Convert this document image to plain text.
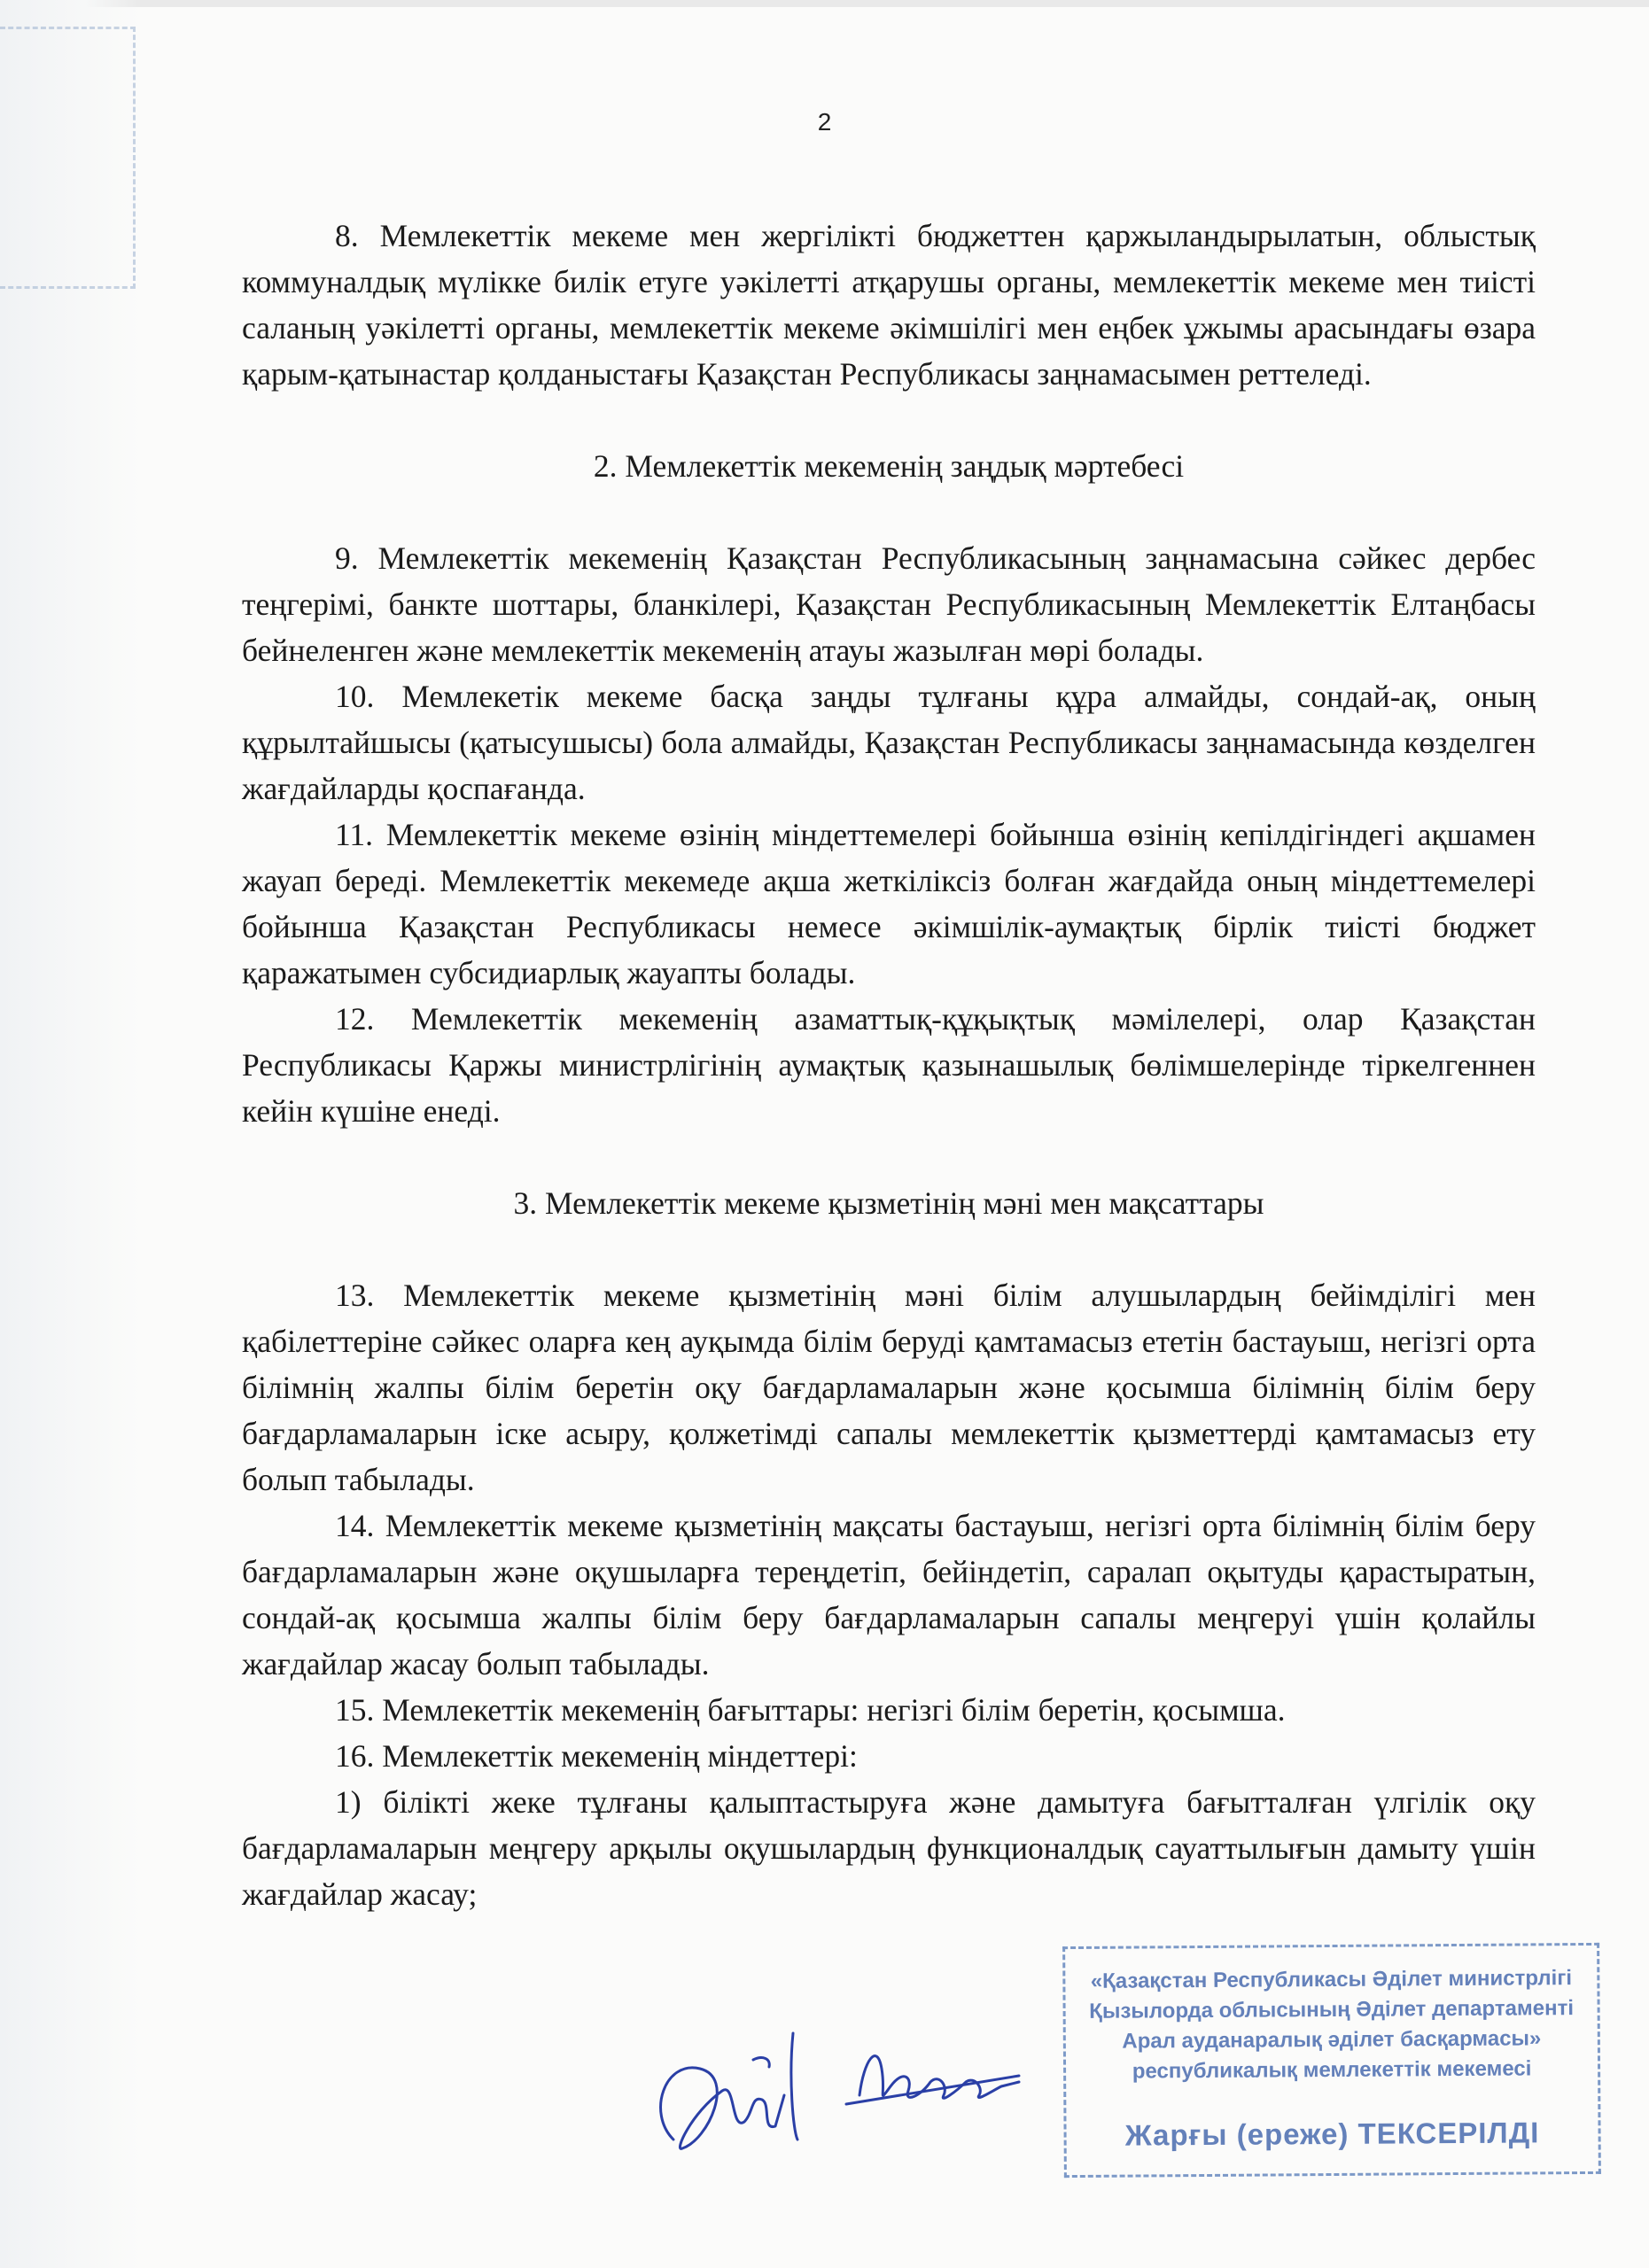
2

8. Мемлекеттік мекеме мен жергілікті бюджеттен қаржыландырылатын, облыстық коммуналдық мүлікке билік етуге уәкілетті атқарушы органы, мемлекеттік мекеме мен тиісті саланың уәкілетті органы, мемлекеттік мекеме әкімшілігі мен еңбек ұжымы арасындағы өзара қарым-қатынастар қолданыстағы Қазақстан Республикасы заңнамасымен реттеледі.

2. Мемлекеттік мекеменің заңдық мәртебесі

9. Мемлекеттік мекеменің Қазақстан Республикасының заңнамасына сәйкес дербес теңгерімі, банкте шоттары, бланкілері, Қазақстан Республикасының Мемлекеттік Елтаңбасы бейнеленген және мемлекеттік мекеменің атауы жазылған мөрі болады.

10. Мемлекетік мекеме басқа заңды тұлғаны құра алмайды, сондай-ақ, оның құрылтайшысы (қатысушысы) бола алмайды, Қазақстан Республикасы заңнамасында көзделген жағдайларды қоспағанда.

11. Мемлекеттік мекеме өзінің міндеттемелері бойынша өзінің кепілдігіндегі ақшамен жауап береді. Мемлекеттік мекемеде ақша жеткіліксіз болған жағдайда оның міндеттемелері бойынша Қазақстан Республикасы немесе әкімшілік-аумақтық бірлік тиісті бюджет қаражатымен субсидиарлық жауапты болады.

12. Мемлекеттік мекеменің азаматтық-құқықтық мәмілелері, олар Қазақстан Республикасы Қаржы министрлігінің аумақтық қазынашылық бөлімшелерінде тіркелгеннен кейін күшіне енеді.

3. Мемлекеттік мекеме қызметінің мәні мен мақсаттары

13. Мемлекеттік мекеме қызметінің мәні білім алушылардың бейімділігі мен қабілеттеріне сәйкес оларға кең ауқымда білім беруді қамтамасыз ететін бастауыш, негізгі орта білімнің жалпы білім беретін оқу бағдарламаларын және қосымша білімнің білім беру бағдарламаларын іске асыру, қолжетімді сапалы мемлекеттік қызметтерді қамтамасыз ету болып табылады.

14. Мемлекеттік мекеме қызметінің мақсаты бастауыш, негізгі орта білімнің білім беру бағдарламаларын және оқушыларға тереңдетіп, бейіндетіп, саралап оқытуды қарастыратын, сондай-ақ қосымша жалпы білім беру бағдарламаларын сапалы меңгеруі үшін қолайлы жағдайлар жасау болып табылады.

15. Мемлекеттік мекеменің бағыттары: негізгі білім беретін, қосымша.

16. Мемлекеттік мекеменің міндеттері:

1) білікті жеке тұлғаны қалыптастыруға және дамытуға бағытталған үлгілік оқу бағдарламаларын меңгеру арқылы оқушылардың функционалдық сауаттылығын дамыту үшін жағдайлар жасау;

«Қазақстан Республикасы Әділет министрлігі
Қызылорда облысының Әділет департаменті
Арал ауданаралық әділет басқармасы»
республикалық мемлекеттік мекемесі
Жарғы (ереже) ТЕКСЕРІЛДІ
